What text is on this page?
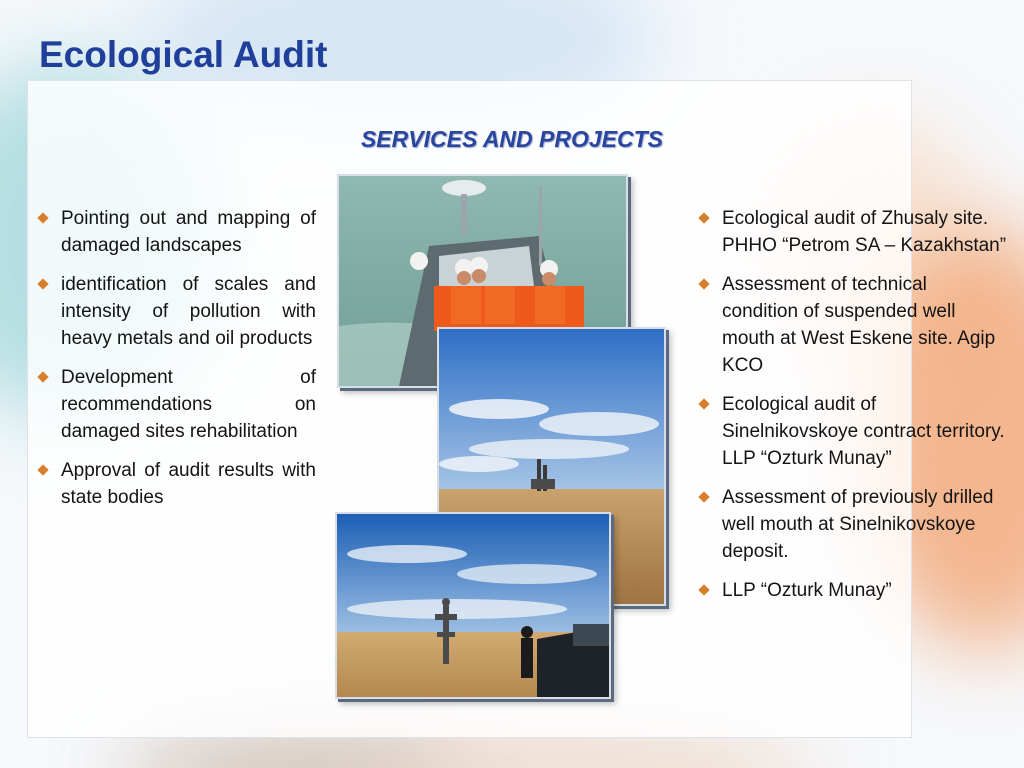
Ecological Audit
SERVICES AND PROJECTS
Pointing out and mapping of damaged landscapes
identification of scales and intensity of pollution with heavy metals and oil products
Development of recommendations on damaged sites rehabilitation
Approval of audit results with state bodies
Ecological audit of Zhusaly site. PHHO “Petrom SA – Kazakhstan”
Assessment of technical condition of suspended well mouth at West Eskene site. Agip KCO
Ecological audit of Sinelnikovskoye contract territory. LLP “Ozturk Munay”
Assessment of previously drilled well mouth at Sinelnikovskoye deposit.
LLP “Ozturk Munay”
